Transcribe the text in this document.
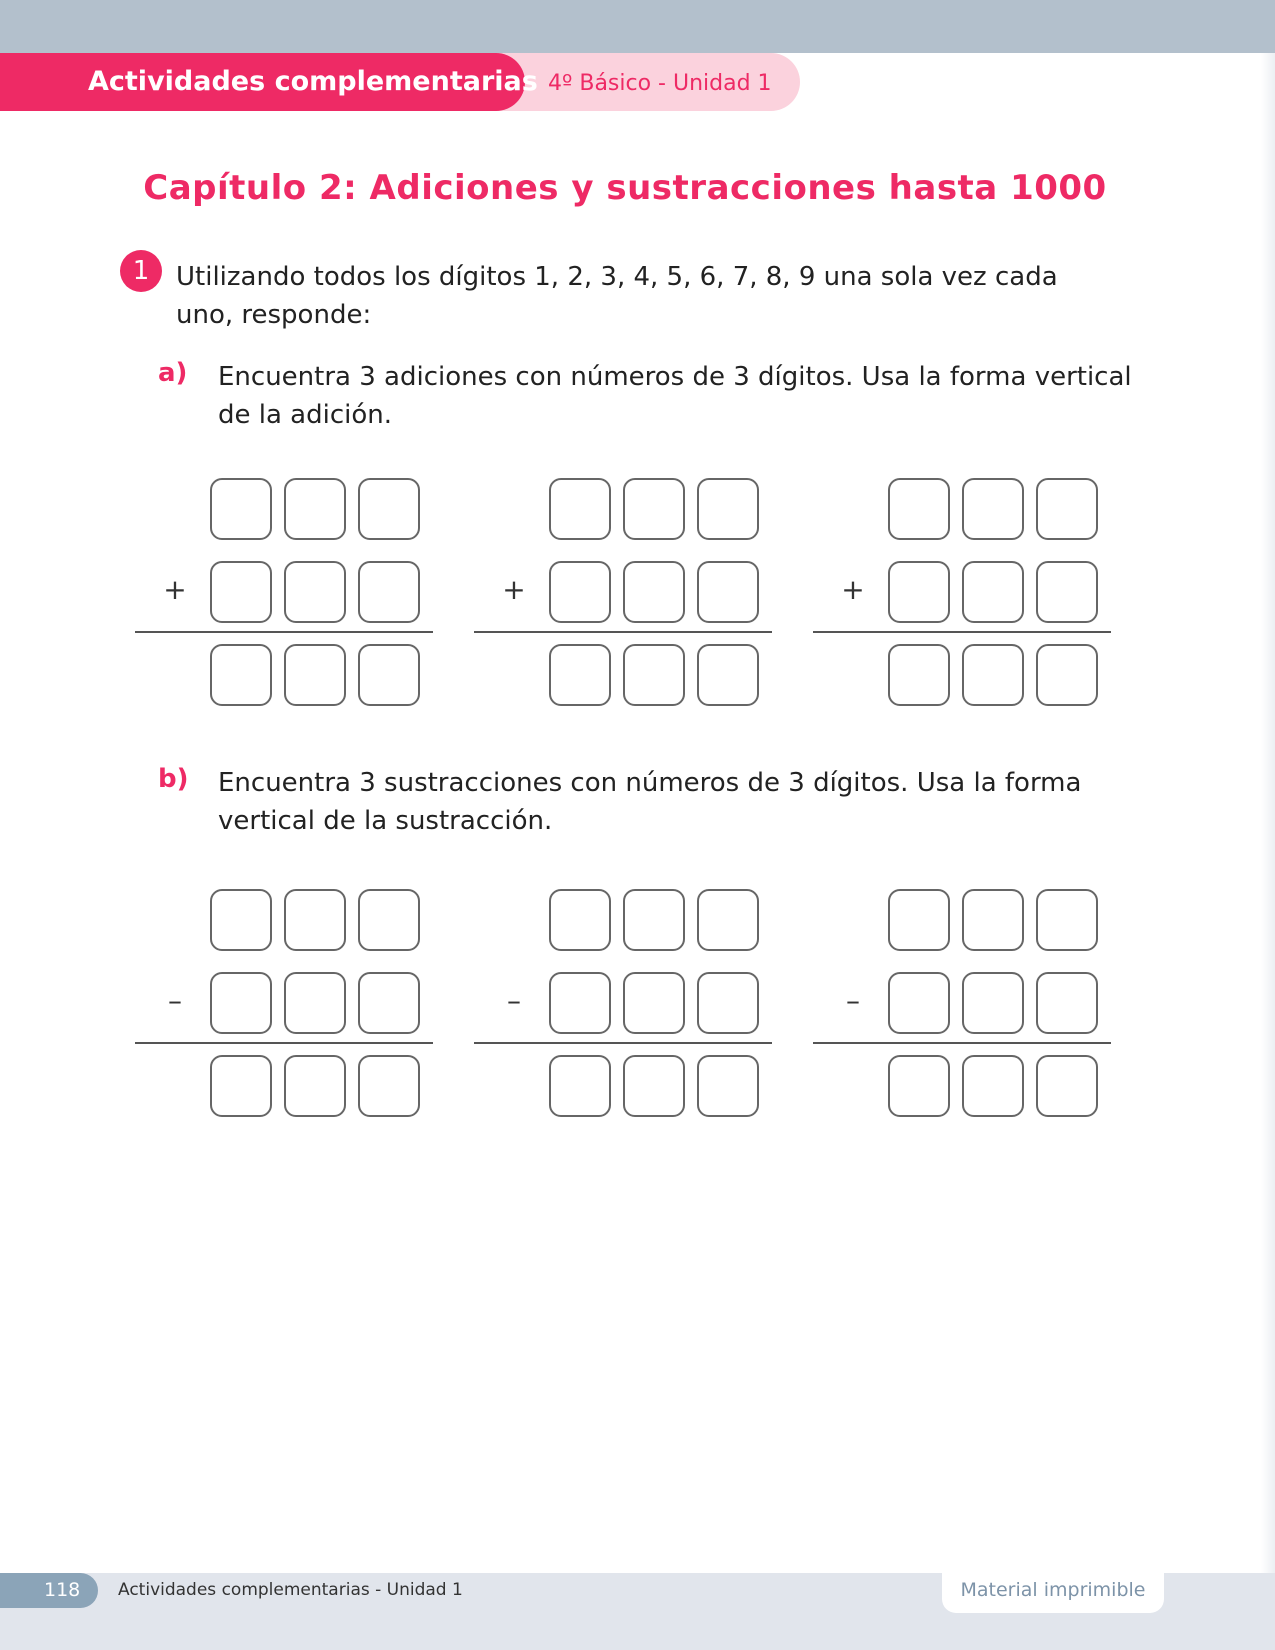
Actividades complementarias 4º Básico - Unidad 1
Capítulo 2: Adiciones y sustracciones hasta 1000
1	Utilizando todos los dígitos 1, 2, 3, 4, 5, 6, 7, 8, 9 una sola vez cada uno, responde:
a) Encuentra 3 adiciones con números de 3 dígitos. Usa la forma vertical de la adición.
b) Encuentra 3 sustracciones con números de 3 dígitos. Usa la forma vertical de la sustracción.
+	+	+
–	–	–
118 Actividades complementarias - Unidad 1	Material imprimible
